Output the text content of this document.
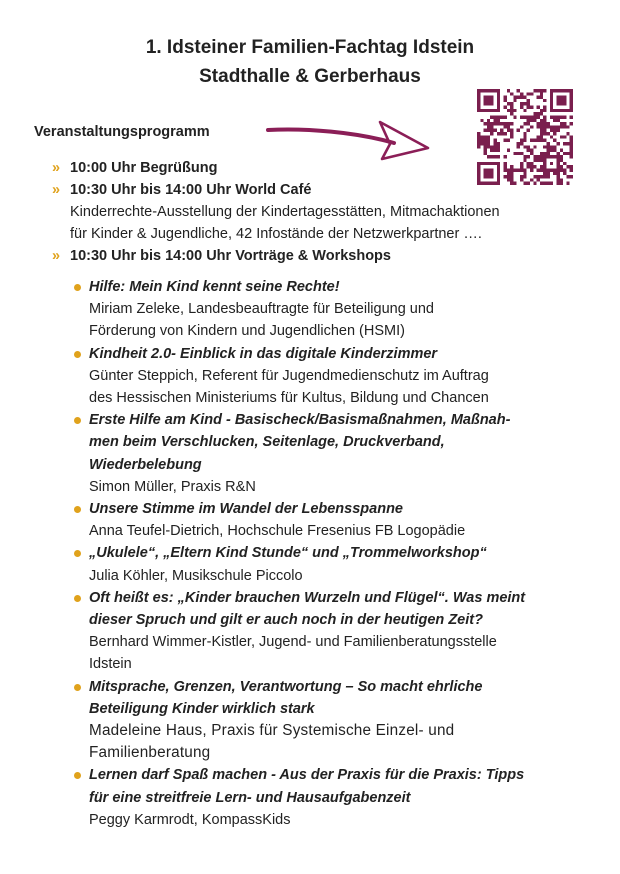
1. Idsteiner Familien-Fachtag Idstein
Stadthalle & Gerberhaus
Veranstaltungsprogramm
» 10:00 Uhr Begrüßung
» 10:30 Uhr bis 14:00 Uhr World Café
Kinderrechte-Ausstellung der Kindertagesstätten, Mitmachaktionen
für Kinder & Jugendliche, 42 Infostände der Netzwerkpartner ….
» 10:30 Uhr bis 14:00 Uhr Vorträge & Workshops
Hilfe: Mein Kind kennt seine Rechte!
Miriam Zeleke, Landesbeauftragte für Beteiligung und
Förderung von Kindern und Jugendlichen (HSMI)
Kindheit 2.0- Einblick in das digitale Kinderzimmer
Günter Steppich, Referent für Jugendmedienschutz im Auftrag
des Hessischen Ministeriums für Kultus, Bildung und Chancen
Erste Hilfe am Kind - Basischeck/Basismaßnahmen, Maßnah-
men beim Verschlucken, Seitenlage, Druckverband,
Wiederbelebung
Simon Müller, Praxis R&N
Unsere Stimme im Wandel der Lebensspanne
Anna Teufel-Dietrich, Hochschule Fresenius FB Logopädie
„Ukulele“, „Eltern Kind Stunde“ und „Trommelworkshop“
Julia Köhler, Musikschule Piccolo
Oft heißt es: „Kinder brauchen Wurzeln und Flügel“. Was meint
dieser Spruch und gilt er auch noch in der heutigen Zeit?
Bernhard Wimmer-Kistler, Jugend- und Familienberatungsstelle
Idstein
Mitsprache, Grenzen, Verantwortung – So macht ehrliche
Beteiligung Kinder wirklich stark
Madeleine Haus, Praxis für Systemische Einzel- und
Familienberatung
Lernen darf Spaß machen - Aus der Praxis für die Praxis: Tipps
für eine streitfreie Lern- und Hausaufgabenzeit
Peggy Karmrodt, KompassKids
